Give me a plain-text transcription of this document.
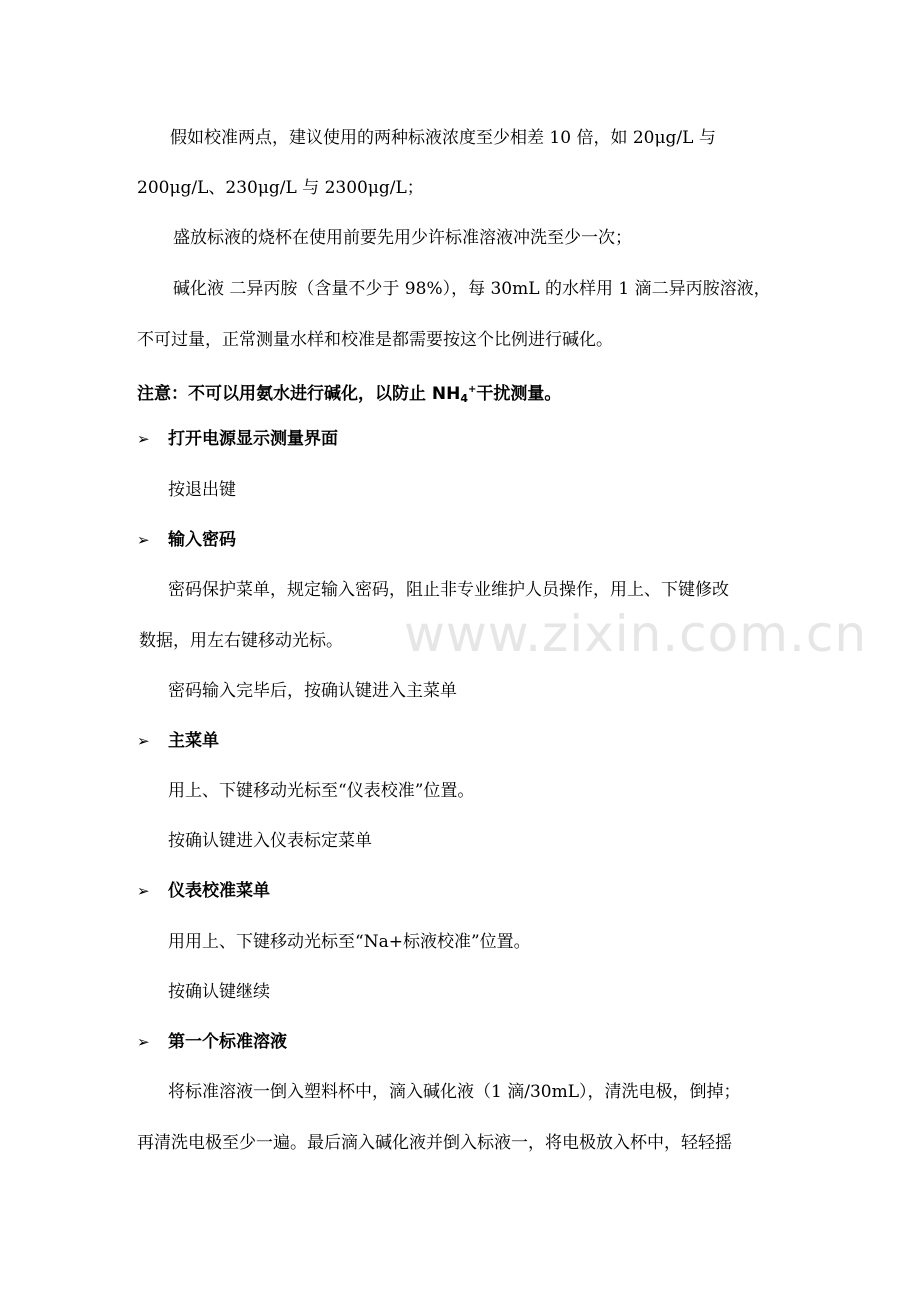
www.zixin.com.cn
假如校准两点，建议使用的两种标液浓度至少相差 10 倍，如 20μg/L 与
200μg/L、230μg/L 与 2300μg/L；
盛放标液的烧杯在使用前要先用少许标准溶液冲洗至少一次；
碱化液 二异丙胺（含量不少于 98%），每 30mL 的水样用 1 滴二异丙胺溶液，
不可过量，正常测量水样和校准是都需要按这个比例进行碱化。
注意：不可以用氨水进行碱化，以防止 $NH_4^+$干扰测量。
➢ 打开电源显示测量界面
按退出键
➢ 输入密码
密码保护菜单，规定输入密码，阻止非专业维护人员操作，用上、下键修改
数据，用左右键移动光标。
密码输入完毕后，按确认键进入主菜单
➢ 主菜单
用上、下键移动光标至“仪表校准”位置。
按确认键进入仪表标定菜单
➢ 仪表校准菜单
用用上、下键移动光标至“Na+标液校准”位置。
按确认键继续
➢ 第一个标准溶液
将标准溶液一倒入塑料杯中，滴入碱化液（1 滴/30mL），清洗电极，倒掉；
再清洗电极至少一遍。最后滴入碱化液并倒入标液一，将电极放入杯中，轻轻摇
